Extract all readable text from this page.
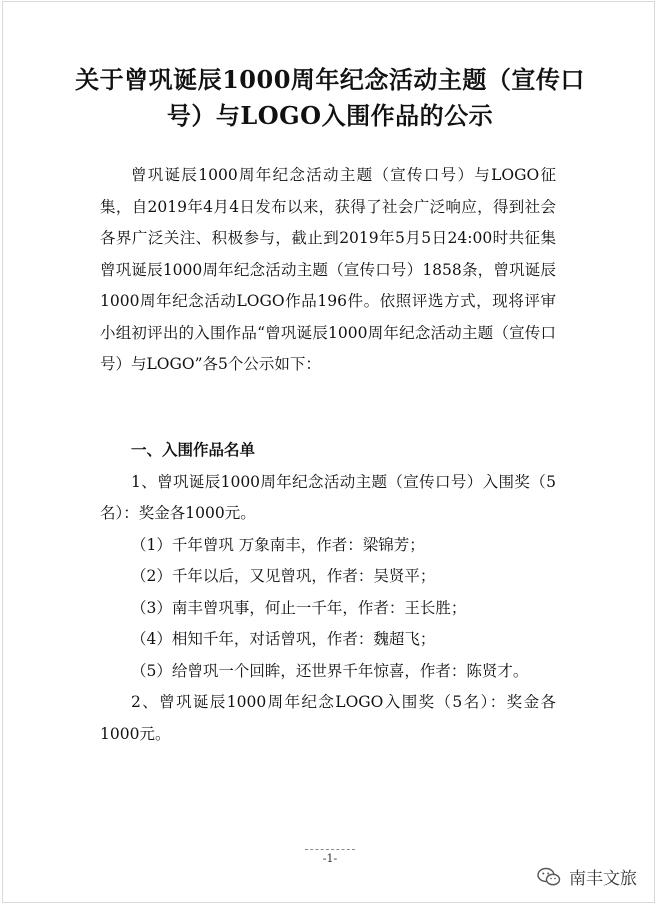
关于曾巩诞辰1000周年纪念活动主题（宣传口
号）与LOGO入围作品的公示

曾巩诞辰1000周年纪念活动主题（宣传口号）与LOGO征集，自2019年4月4日发布以来，获得了社会广泛响应，得到社会各界广泛关注、积极参与，截止到2019年5月5日24:00时共征集曾巩诞辰1000周年纪念活动主题（宣传口号）1858条，曾巩诞辰1000周年纪念活动LOGO作品196件。依照评选方式，现将评审小组初评出的入围作品“曾巩诞辰1000周年纪念活动主题（宣传口号）与LOGO”各5个公示如下：

一、入围作品名单

1、曾巩诞辰1000周年纪念活动主题（宣传口号）入围奖（5名）：奖金各1000元。

（1）千年曾巩 万象南丰，作者：梁锦芳；

（2）千年以后，又见曾巩，作者：吴贤平；

（3）南丰曾巩事，何止一千年，作者：王长胜；

（4）相知千年，对话曾巩，作者：魏超飞；

（5）给曾巩一个回眸，还世界千年惊喜，作者：陈贤才。

2、曾巩诞辰1000周年纪念LOGO入围奖（5名）：奖金各1000元。

-1-
南丰文旅
